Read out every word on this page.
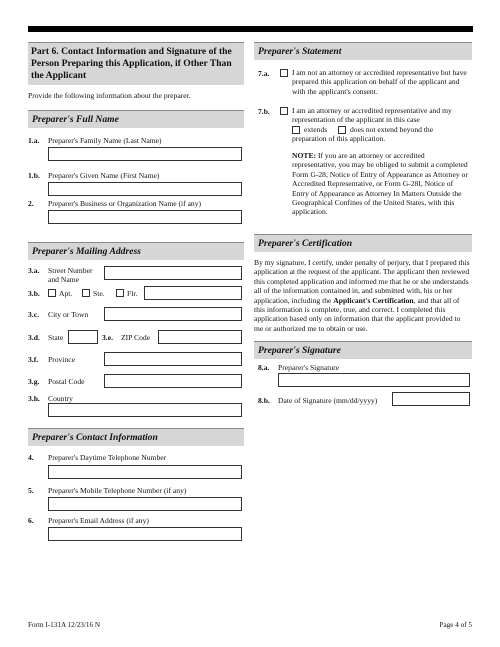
Part 6. Contact Information and Signature of the Person Preparing this Application, if Other Than the Applicant
Provide the following information about the preparer.
Preparer's Full Name
1.a. Preparer's Family Name (Last Name)
1.b. Preparer's Given Name (First Name)
2. Preparer's Business or Organization Name (if any)
Preparer's Mailing Address
3.a. Street Number and Name
3.b.	Apt.	Ste.	Flr.
3.c. City or Town
3.d. State	3.e. ZIP Code
3.f. Province
3.g. Postal Code
3.h. Country
Preparer's Contact Information
4. Preparer's Daytime Telephone Number
5. Preparer's Mobile Telephone Number (if any)
6. Preparer's Email Address (if any)
Preparer's Statement
7.a.	I am not an attorney or accredited representative but have prepared this application on behalf of the applicant and with the applicant's consent.
7.b.	I am an attorney or accredited representative and my representation of the applicant in this case
extends	does not extend beyond the
preparation of this application.
NOTE: If you are an attorney or accredited representative, you may be obliged to submit a completed Form G-28, Notice of Entry of Appearance as Attorney or Accredited Representative, or Form G-28I, Notice of Entry of Appearance as Attorney In Matters Outside the Geographical Confines of the United States, with this application.
Preparer's Certification
By my signature, I certify, under penalty of perjury, that I prepared this application at the request of the applicant. The applicant then reviewed this completed application and informed me that he or she understands all of the information contained in, and submitted with, his or her application, including the Applicant's Certification, and that all of this information is complete, true, and correct. I completed this application based only on information that the applicant provided to me or authorized me to obtain or use.
Preparer's Signature
8.a. Preparer's Signature
8.b. Date of Signature (mm/dd/yyyy)
Form I-131A 12/23/16 N	Page 4 of 5
